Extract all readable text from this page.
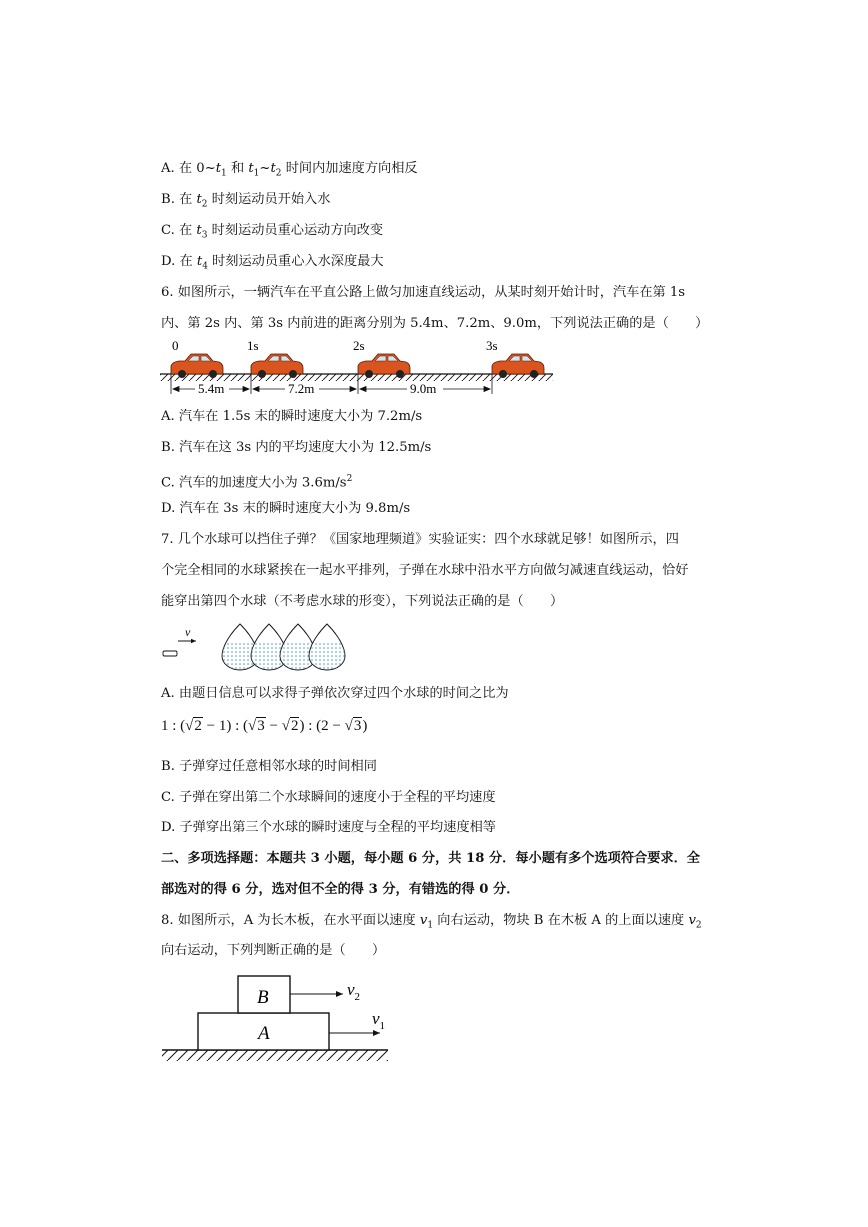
A. 在 $0\sim t_1$ 和 $t_1\sim t_2$ 时间内加速度方向相反
B. 在 $t_2$ 时刻运动员开始入水
C. 在 $t_3$ 时刻运动员重心运动方向改变
D. 在 $t_4$ 时刻运动员重心入水深度最大
6. 如图所示，一辆汽车在平直公路上做匀加速直线运动，从某时刻开始计时，汽车在第 1s
内、第 2s 内、第 3s 内前进的距离分别为 5.4m、7.2m、9.0m，下列说法正确的是（　　）
0	1s	2s	3s
5.4m	7.2m	9.0m
A. 汽车在 1.5s 末的瞬时速度大小为 7.2m/s
B. 汽车在这 3s 内的平均速度大小为 12.5m/s
C. 汽车的加速度大小为 $3.6m/s^2$
D. 汽车在 3s 末的瞬时速度大小为 9.8m/s
7. 几个水球可以挡住子弹？《国家地理频道》实验证实：四个水球就足够！如图所示，四
个完全相同的水球紧挨在一起水平排列，子弹在水球中沿水平方向做匀减速直线运动，恰好
能穿出第四个水球（不考虑水球的形变），下列说法正确的是（　　）
v
A. 由题日信息可以求得子弹依次穿过四个水球的时间之比为
1 : (√2 − 1) : (√3 − √2) : (2 − √3)
B. 子弹穿过任意相邻水球的时间相同
C. 子弹在穿出第二个水球瞬间的速度小于全程的平均速度
D. 子弹穿出第三个水球的瞬时速度与全程的平均速度相等
二、多项选择题：本题共 3 小题，每小题 6 分，共 18 分．每小题有多个选项符合要求．全
部选对的得 6 分，选对但不全的得 3 分，有错选的得 0 分．
8. 如图所示，A 为长木板，在水平面以速度 $v_1$ 向右运动，物块 B 在木板 A 的上面以速度 $v_2$
向右运动，下列判断正确的是（　　）
B
A
$v_2$
$v_1$
